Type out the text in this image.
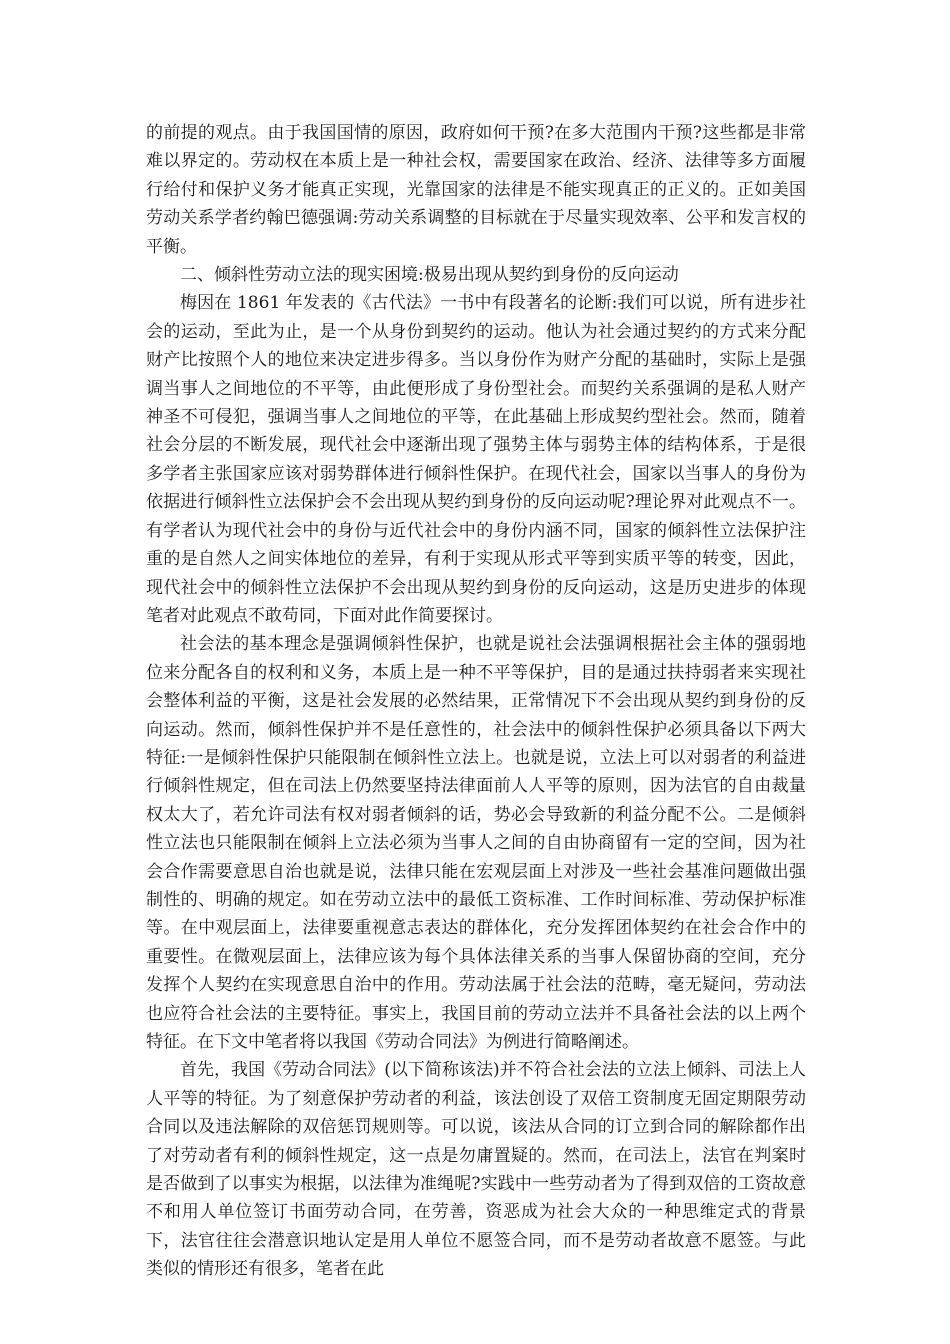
的前提的观点。由于我国国情的原因，政府如何干预?在多大范围内干预?这些都是非常难以界定的。劳动权在本质上是一种社会权，需要国家在政治、经济、法律等多方面履行给付和保护义务才能真正实现，光靠国家的法律是不能实现真正的正义的。正如美国劳动关系学者约翰巴德强调:劳动关系调整的目标就在于尽量实现效率、公平和发言权的平衡。

二、倾斜性劳动立法的现实困境:极易出现从契约到身份的反向运动

梅因在 1861 年发表的《古代法》一书中有段著名的论断:我们可以说，所有进步社会的运动，至此为止，是一个从身份到契约的运动。他认为社会通过契约的方式来分配财产比按照个人的地位来决定进步得多。当以身份作为财产分配的基础时，实际上是强调当事人之间地位的不平等，由此便形成了身份型社会。而契约关系强调的是私人财产神圣不可侵犯，强调当事人之间地位的平等，在此基础上形成契约型社会。然而，随着社会分层的不断发展，现代社会中逐渐出现了强势主体与弱势主体的结构体系，于是很多学者主张国家应该对弱势群体进行倾斜性保护。在现代社会，国家以当事人的身份为依据进行倾斜性立法保护会不会出现从契约到身份的反向运动呢?理论界对此观点不一。有学者认为现代社会中的身份与近代社会中的身份内涵不同，国家的倾斜性立法保护注重的是自然人之间实体地位的差异，有利于实现从形式平等到实质平等的转变，因此，现代社会中的倾斜性立法保护不会出现从契约到身份的反向运动，这是历史进步的体现笔者对此观点不敢苟同，下面对此作简要探讨。

社会法的基本理念是强调倾斜性保护，也就是说社会法强调根据社会主体的强弱地位来分配各自的权利和义务，本质上是一种不平等保护，目的是通过扶持弱者来实现社会整体利益的平衡，这是社会发展的必然结果，正常情况下不会出现从契约到身份的反向运动。然而，倾斜性保护并不是任意性的，社会法中的倾斜性保护必须具备以下两大特征:一是倾斜性保护只能限制在倾斜性立法上。也就是说，立法上可以对弱者的利益进行倾斜性规定，但在司法上仍然要坚持法律面前人人平等的原则，因为法官的自由裁量权太大了，若允许司法有权对弱者倾斜的话，势必会导致新的利益分配不公。二是倾斜性立法也只能限制在倾斜上立法必须为当事人之间的自由协商留有一定的空间，因为社会合作需要意思自治也就是说，法律只能在宏观层面上对涉及一些社会基准问题做出强制性的、明确的规定。如在劳动立法中的最低工资标准、工作时间标准、劳动保护标准等。在中观层面上，法律要重视意志表达的群体化，充分发挥团体契约在社会合作中的重要性。在微观层面上，法律应该为每个具体法律关系的当事人保留协商的空间，充分发挥个人契约在实现意思自治中的作用。劳动法属于社会法的范畴，毫无疑问，劳动法也应符合社会法的主要特征。事实上，我国目前的劳动立法并不具备社会法的以上两个特征。在下文中笔者将以我国《劳动合同法》为例进行简略阐述。

首先，我国《劳动合同法》(以下简称该法)并不符合社会法的立法上倾斜、司法上人人平等的特征。为了刻意保护劳动者的利益，该法创设了双倍工资制度无固定期限劳动合同以及违法解除的双倍惩罚规则等。可以说，该法从合同的订立到合同的解除都作出了对劳动者有利的倾斜性规定，这一点是勿庸置疑的。然而，在司法上，法官在判案时是否做到了以事实为根据，以法律为准绳呢?实践中一些劳动者为了得到双倍的工资故意不和用人单位签订书面劳动合同，在劳善，资恶成为社会大众的一种思维定式的背景下，法官往往会潜意识地认定是用人单位不愿签合同，而不是劳动者故意不愿签。与此类似的情形还有很多，笔者在此
